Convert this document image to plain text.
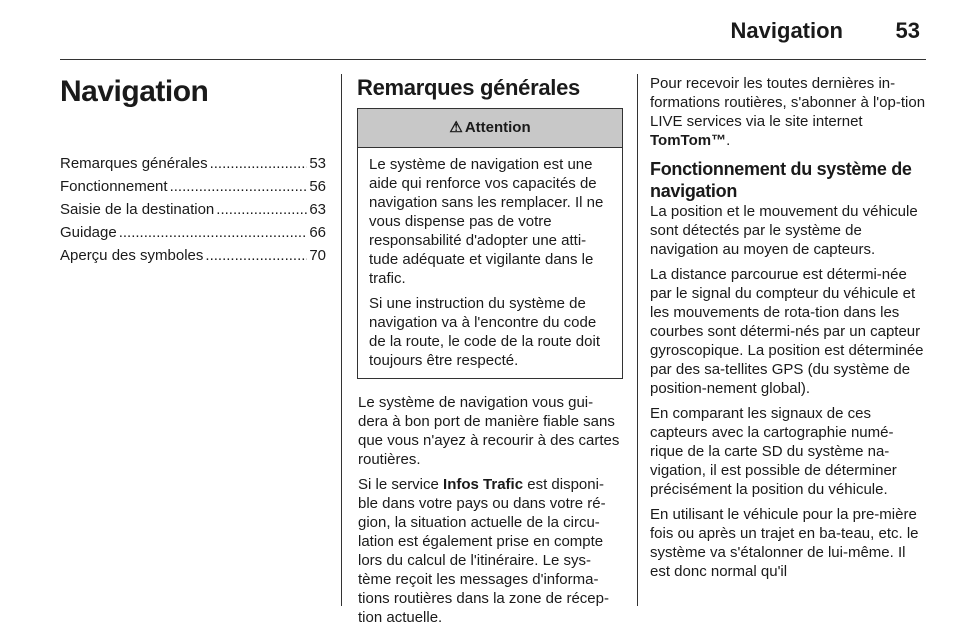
Navigation 53
Navigation
Remarques générales .....	53
Fonctionnement .....	56
Saisie de la destination .....	63
Guidage .....	66
Aperçu des symboles .....	70
Remarques générales
⚠ Attention

Le système de navigation est une aide qui renforce vos capacités de navigation sans les remplacer. Il ne vous dispense pas de votre responsabilité d'adopter une atti-tude adéquate et vigilante dans le trafic.

Si une instruction du système de navigation va à l'encontre du code de la route, le code de la route doit toujours être respecté.

Le système de navigation vous gui-dera à bon port de manière fiable sans que vous n'ayez à recourir à des cartes routières.

Si le service Infos Trafic est disponi-ble dans votre pays ou dans votre ré-gion, la situation actuelle de la circu-lation est également prise en compte lors du calcul de l'itinéraire. Le sys-tème reçoit les messages d'informa-tions routières dans la zone de récep-tion actuelle.

Pour recevoir les toutes dernières in-formations routières, s'abonner à l'op-tion LIVE services via le site internet TomTom™.

Fonctionnement du système de navigation

La position et le mouvement du véhicule sont détectés par le système de navigation au moyen de capteurs.

La distance parcourue est détermi-née par le signal du compteur du véhicule et les mouvements de rota-tion dans les courbes sont détermi-nés par un capteur gyroscopique. La position est déterminée par des sa-tellites GPS (du système de position-nement global).

En comparant les signaux de ces capteurs avec la cartographie numé-rique de la carte SD du système na-vigation, il est possible de déterminer précisément la position du véhicule.

En utilisant le véhicule pour la pre-mière fois ou après un trajet en ba-teau, etc. le système va s'étalonner de lui-même. Il est donc normal qu'il
